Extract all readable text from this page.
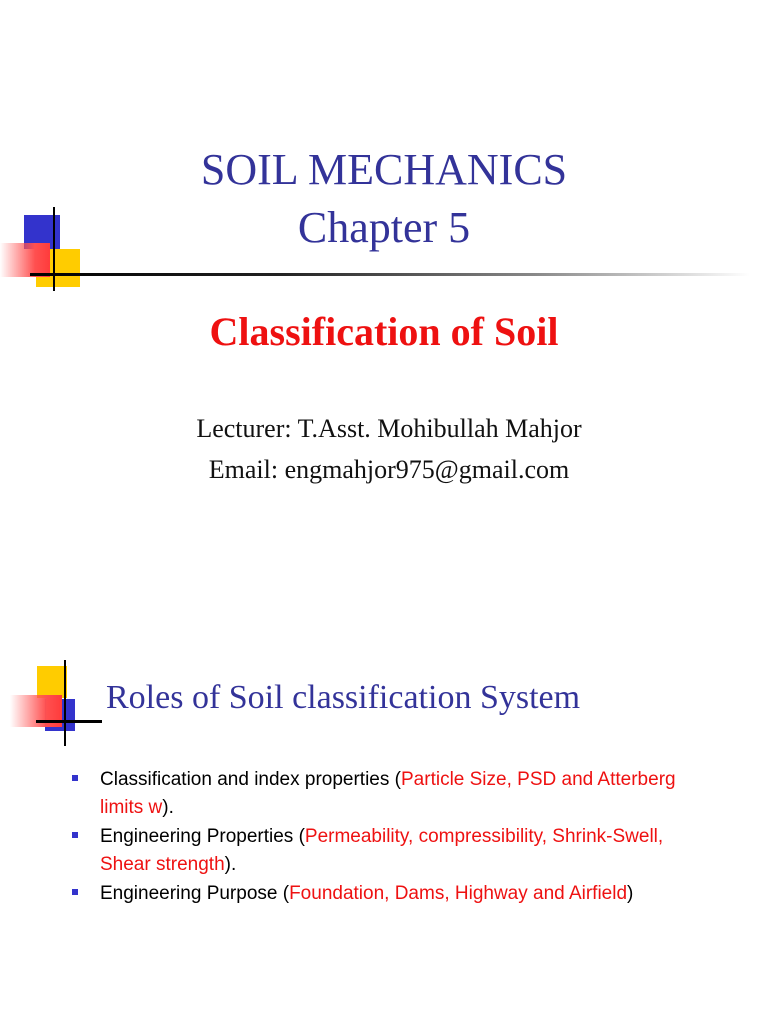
SOIL MECHANICS
Chapter 5
Classification of Soil
Lecturer: T.Asst. Mohibullah Mahjor
Email: engmahjor975@gmail.com
Roles of Soil classification System
Classification and index properties (Particle Size, PSD and Atterberg limits w).
Engineering Properties (Permeability, compressibility, Shrink-Swell, Shear strength).
Engineering Purpose (Foundation, Dams, Highway and Airfield)
